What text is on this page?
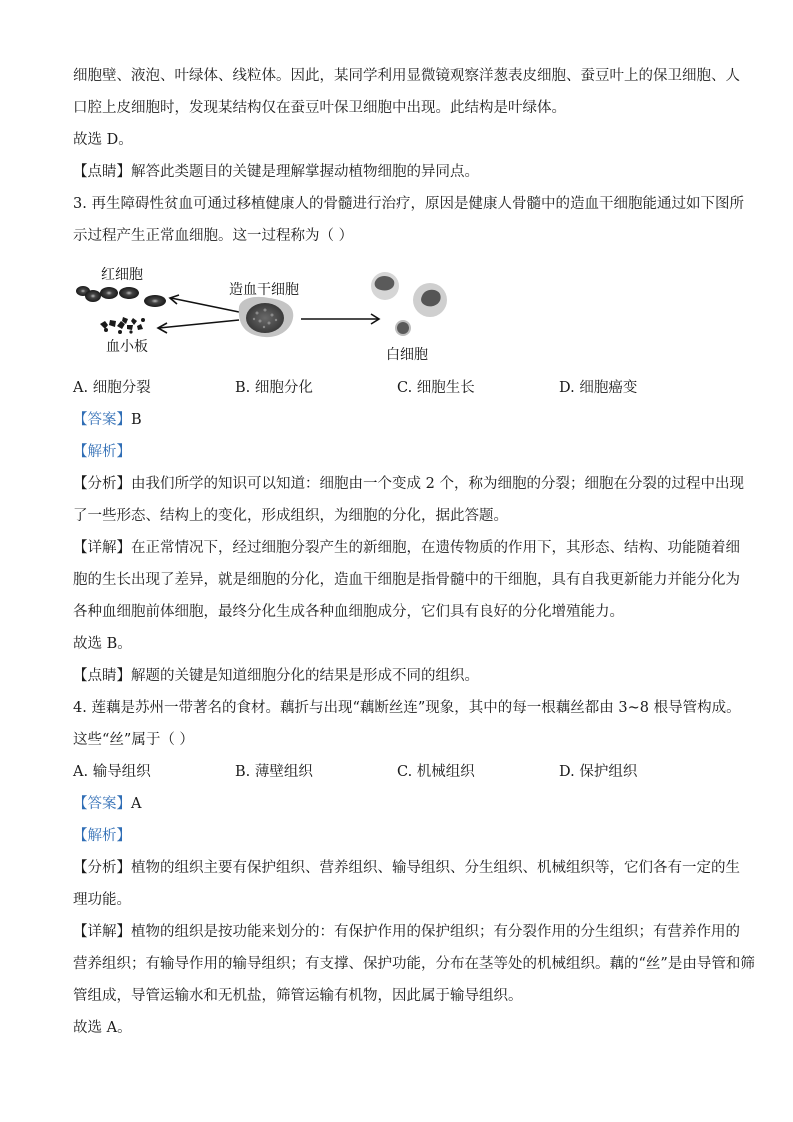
细胞壁、液泡、叶绿体、线粒体。因此，某同学利用显微镜观察洋葱表皮细胞、蚕豆叶上的保卫细胞、人
口腔上皮细胞时，发现某结构仅在蚕豆叶保卫细胞中出现。此结构是叶绿体。
故选 D。
【点睛】解答此类题目的关键是理解掌握动植物细胞的异同点。
3. 再生障碍性贫血可通过移植健康人的骨髓进行治疗，原因是健康人骨髓中的造血干细胞能通过如下图所
示过程产生正常血细胞。这一过程称为（ ）
红细胞
血小板
造血干细胞
白细胞
A. 细胞分裂	B. 细胞分化	C. 细胞生长	D. 细胞癌变
【答案】B
【解析】
【分析】由我们所学的知识可以知道：细胞由一个变成 2 个，称为细胞的分裂；细胞在分裂的过程中出现
了一些形态、结构上的变化，形成组织，为细胞的分化，据此答题。
【详解】在正常情况下，经过细胞分裂产生的新细胞，在遗传物质的作用下，其形态、结构、功能随着细
胞的生长出现了差异，就是细胞的分化，造血干细胞是指骨髓中的干细胞，具有自我更新能力并能分化为
各种血细胞前体细胞，最终分化生成各种血细胞成分，它们具有良好的分化增殖能力。
故选 B。
【点睛】解题的关键是知道细胞分化的结果是形成不同的组织。
4. 莲藕是苏州一带著名的食材。藕折与出现“藕断丝连”现象，其中的每一根藕丝都由 3~8 根导管构成。
这些“丝”属于（ ）
A. 输导组织	B. 薄壁组织	C. 机械组织	D. 保护组织
【答案】A
【解析】
【分析】植物的组织主要有保护组织、营养组织、输导组织、分生组织、机械组织等，它们各有一定的生
理功能。
【详解】植物的组织是按功能来划分的：有保护作用的保护组织；有分裂作用的分生组织；有营养作用的
营养组织；有输导作用的输导组织；有支撑、保护功能，分布在茎等处的机械组织。藕的“丝”是由导管和筛
管组成，导管运输水和无机盐，筛管运输有机物，因此属于输导组织。
故选 A。
